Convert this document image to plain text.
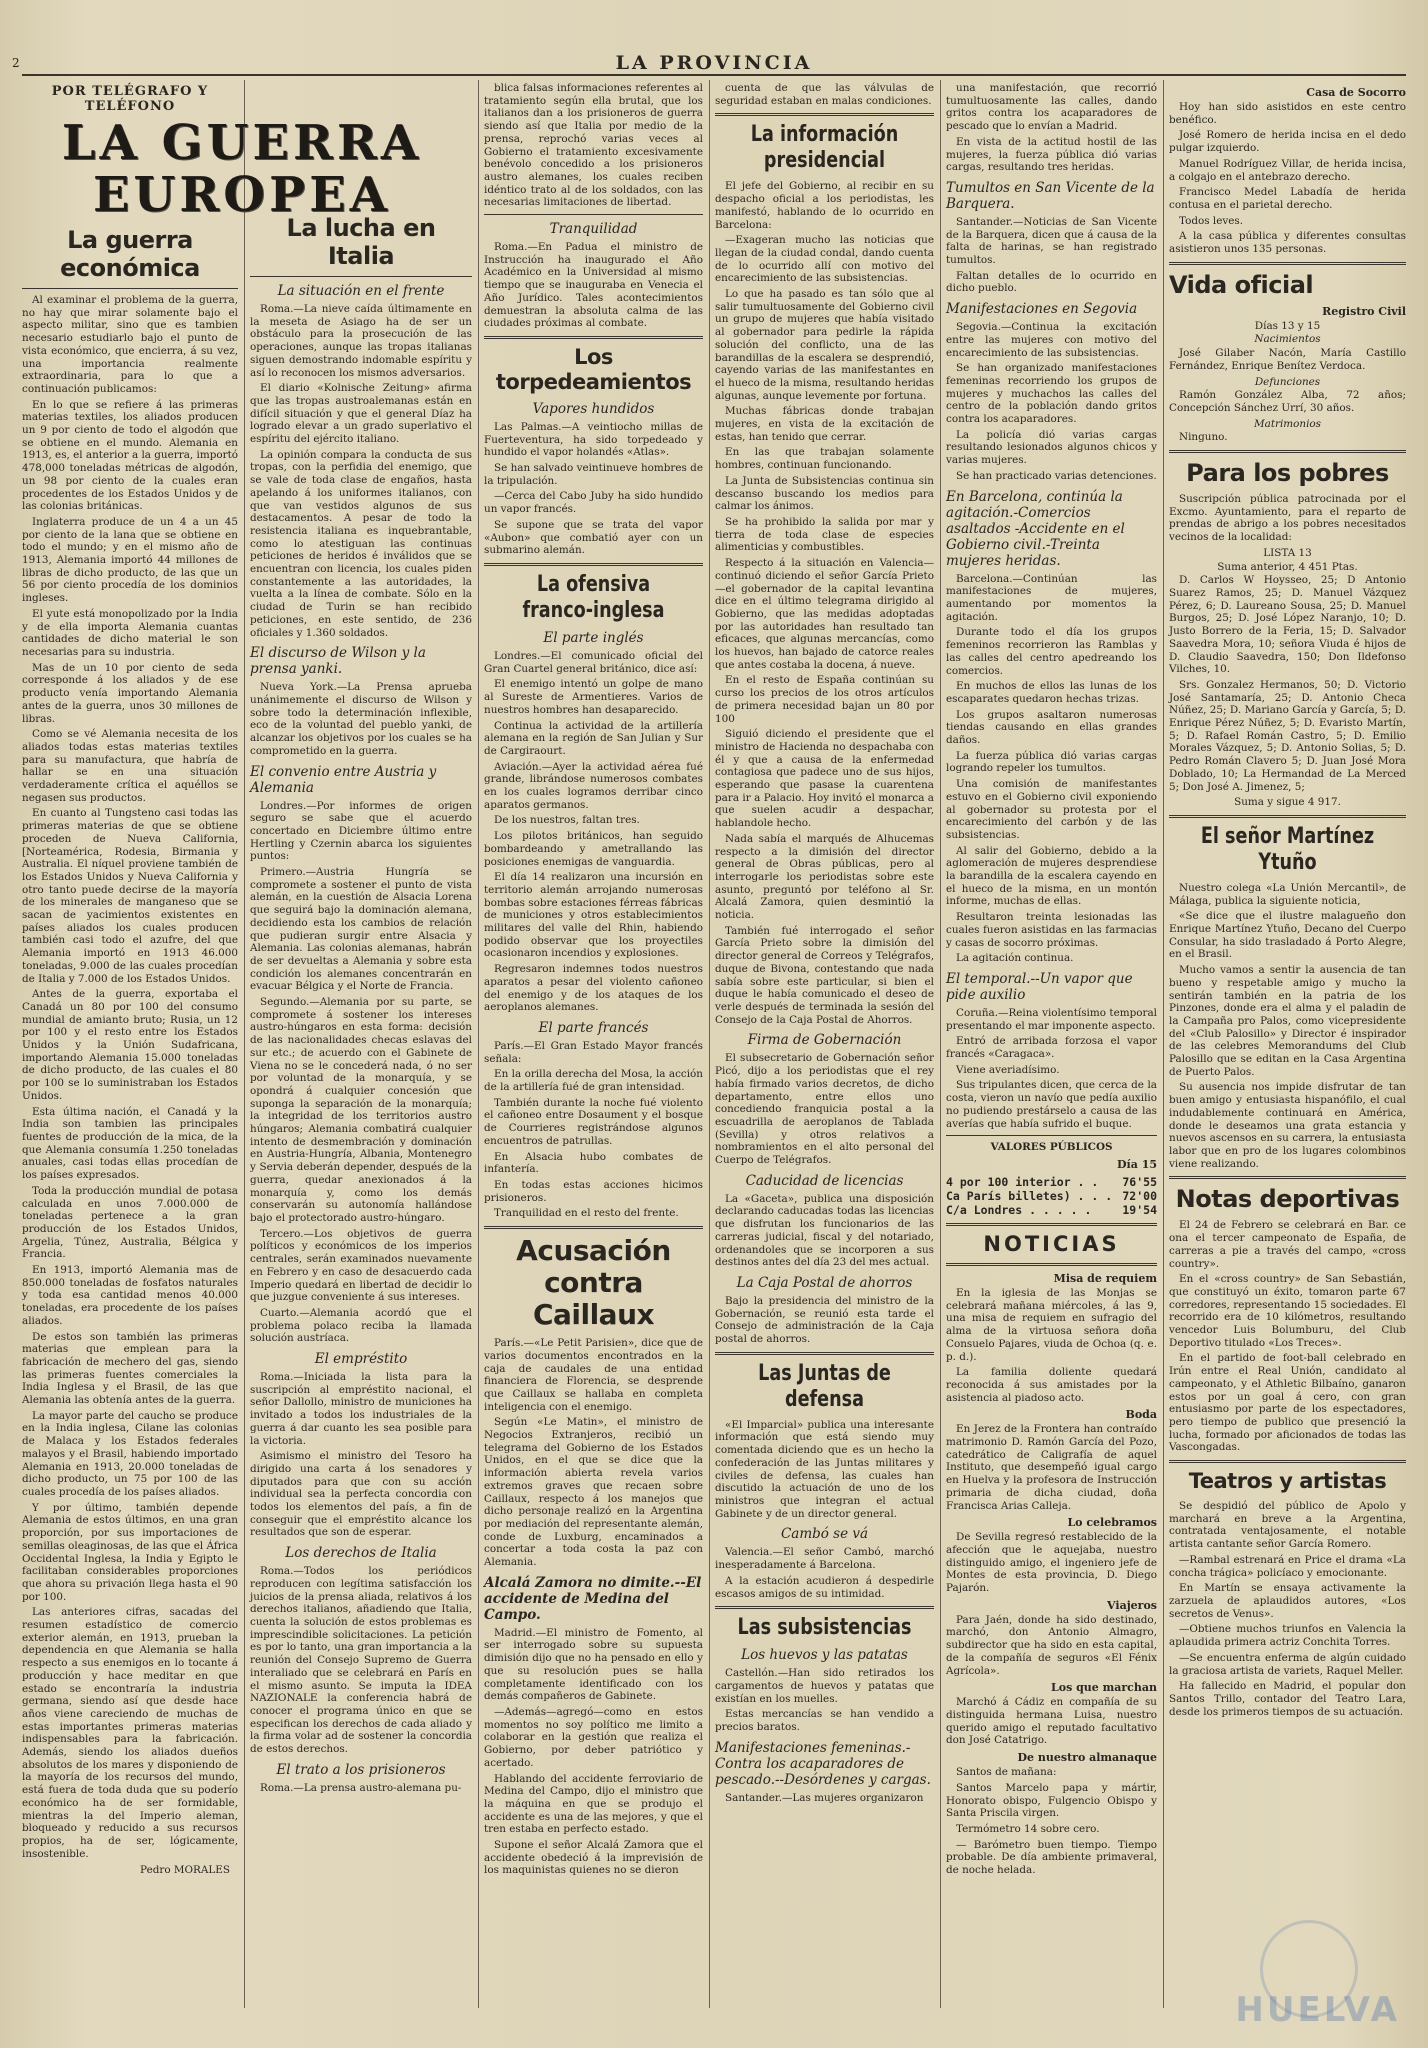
2	LA PROVINCIA
POR TELÉGRAFO Y TELÉFONO
LA GUERRA
EUROPEA
La guerra económica

Al examinar el problema de la guerra, no hay que mirar solamente bajo el aspecto militar, sino que es tambien necesario estudiarlo bajo el punto de vista económico, que encierra, á su vez, una importancia realmente extraordinaria, para lo que a continuación publicamos:

En lo que se refiere á las primeras materias textiles, los aliados producen un 9 por ciento de todo el algodón que se obtiene en el mundo. Alemania en 1913, es, el anterior a la guerra, importó 478,000 toneladas métricas de algodón, un 98 por ciento de la cuales eran procedentes de los Estados Unidos y de las colonias británicas.

Inglaterra produce de un 4 a un 45 por ciento de la lana que se obtiene en todo el mundo; y en el mismo año de 1913, Alemania importó 44 millones de libras de dicho producto, de las que un 56 por ciento procedía de los dominios ingleses.

El yute está monopolizado por la India y de ella importa Alemania cuantas cantidades de dicho material le son necesarias para su industria.

Mas de un 10 por ciento de seda corresponde á los aliados y de ese producto venía importando Alemania antes de la guerra, unos 30 millones de libras.

Como se vé Alemania necesita de los aliados todas estas materias textiles para su manufactura, que habría de hallar se en una situación verdaderamente crítica el aquéllos se negasen sus productos.

En cuanto al Tungsteno casi todas las primeras materias de que se obtiene proceden de Nueva California, [Norteamérica, Rodesia, Birmania y Australia. El níquel proviene también de los Estados Unidos y Nueva California y otro tanto puede decirse de la mayoría de los minerales de manganeso que se sacan de yacimientos existentes en países aliados los cuales producen también casi todo el azufre, del que Alemania importó en 1913 46.000 toneladas, 9.000 de las cuales procedían de Italia y 7.000 de los Estados Unidos.

Antes de la guerra, exportaba el Canadá un 80 por 100 del consumo mundial de amianto bruto; Rusia, un 12 por 100 y el resto entre los Estados Unidos y la Unión Sudafricana, importando Alemania 15.000 toneladas de dicho producto, de las cuales el 80 por 100 se lo suministraban los Estados Unidos.

Esta última nación, el Canadá y la India son tambien las principales fuentes de producción de la mica, de la que Alemania consumía 1.250 toneladas anuales, casi todas ellas procedían de los países expresados.

Toda la producción mundial de potasa calculada en unos 7.000.000 de toneladas pertenece a la gran producción de los Estados Unidos, Argelia, Túnez, Australia, Bélgica y Francia.

En 1913, importó Alemania mas de 850.000 toneladas de fosfatos naturales y toda esa cantidad menos 40.000 toneladas, era procedente de los países aliados.

De estos son también las primeras materias que emplean para la fabricación de mechero del gas, siendo las primeras fuentes comerciales la India Inglesa y el Brasil, de las que Alemania las obtenía antes de la guerra.

La mayor parte del caucho se produce en la India inglesa, Cilane las colonias de Malaca y los Estados federales malayos y el Brasil, habiendo importado Alemania en 1913, 20.000 toneladas de dicho producto, un 75 por 100 de las cuales procedía de los países aliados.

Y por último, también depende Alemania de estos últimos, en una gran proporción, por sus importaciones de semillas oleaginosas, de las que el África Occidental Inglesa, la India y Egipto le facilitaban considerables proporciones que ahora su privación llega hasta el 90 por 100.

Las anteriores cifras, sacadas del resumen estadístico de comercio exterior alemán, en 1913, prueban la dependencia en que Alemania se halla respecto a sus enemigos en lo tocante á producción y hace meditar en que estado se encontraría la industria germana, siendo así que desde hace años viene careciendo de muchas de estas importantes primeras materias indispensables para la fabricación. Además, siendo los aliados dueños absolutos de los mares y disponiendo de la mayoría de los recursos del mundo, está fuera de toda duda que su poderío económico ha de ser formidable, mientras la del Imperio aleman, bloqueado y reducido a sus recursos propios, ha de ser, lógicamente, insostenible.

Pedro MORALES
La lucha en Italia
La situación en el frente

Roma.—La nieve caída últimamente en la meseta de Asiago ha de ser un obstáculo para la prosecución de las operaciones, aunque las tropas italianas siguen demostrando indomable espíritu y así lo reconocen los mismos adversarios.

El diario «Kolnische Zeitung» afirma que las tropas austroalemanas están en difícil situación y que el general Díaz ha logrado elevar a un grado superlativo el espíritu del ejército italiano.

La opinión compara la conducta de sus tropas, con la perfidia del enemigo, que se vale de toda clase de engaños, hasta apelando á los uniformes italianos, con que van vestidos algunos de sus destacamentos. A pesar de todo la resistencia italiana es inquebrantable, como lo atestiguan las continuas peticiones de heridos é inválidos que se encuentran con licencia, los cuales piden constantemente a las autoridades, la vuelta a la línea de combate. Sólo en la ciudad de Turin se han recibido peticiones, en este sentido, de 236 oficiales y 1.360 soldados.

El discurso de Wilson y la prensa yanki.

Nueva York.—La Prensa aprueba unánimemente el discurso de Wilson y sobre todo la determinación inflexible, eco de la voluntad del pueblo yanki, de alcanzar los objetivos por los cuales se ha comprometido en la guerra.

El convenio entre Austria y Alemania

Londres.—Por informes de origen seguro se sabe que el acuerdo concertado en Diciembre último entre Hertling y Czernin abarca los siguientes puntos:

Primero.—Austria Hungría se compromete a sostener el punto de vista alemán, en la cuestión de Alsacia Lorena que seguirá bajo la dominación alemana, decidiendo esta los cambios de relación que pudieran surgir entre Alsacia y Alemania. Las colonias alemanas, habrán de ser devueltas a Alemania y sobre esta condición los alemanes concentrarán en evacuar Bélgica y el Norte de Francia.

Segundo.—Alemania por su parte, se compromete á sostener los intereses austro-húngaros en esta forma: decisión de las nacionalidades checas eslavas del sur etc.; de acuerdo con el Gabinete de Viena no se le concederá nada, ó no ser por voluntad de la monarquía, y se opondrá á cualquier concesión que suponga la separación de la monarquía; la integridad de los territorios austro húngaros; Alemania combatirá cualquier intento de desmembración y dominación en Austria-Hungría, Albania, Montenegro y Servia deberán depender, después de la guerra, quedar anexionados á la monarquía y, como los demás conservarán su autonomía hallándose bajo el protectorado austro-húngaro.

Tercero.—Los objetivos de guerra políticos y económicos de los imperios centrales, serán examinados nuevamente en Febrero y en caso de desacuerdo cada Imperio quedará en libertad de decidir lo que juzgue conveniente á sus intereses.

Cuarto.—Alemania acordó que el problema polaco reciba la llamada solución austríaca.

El empréstito

Roma.—Iniciada la lista para la suscripción al empréstito nacional, el señor Dallollo, ministro de municiones ha invitado a todos los industriales de la guerra á dar cuanto les sea posible para la victoria.

Asimismo el ministro del Tesoro ha dirigido una carta á los senadores y diputados para que con su acción individual sea la perfecta concordia con todos los elementos del país, a fin de conseguir que el empréstito alcance los resultados que son de esperar.

Los derechos de Italia

Roma.—Todos los periódicos reproducen con legítima satisfacción los juicios de la prensa aliada, relativos á los derechos italianos, añadiendo que Italia, cuenta la solución de estos problemas es imprescindible solicitaciones. La petición es por lo tanto, una gran importancia a la reunión del Consejo Supremo de Guerra interaliado que se celebrará en París en el mismo asunto. Se imputa la IDEA NAZIONALE la conferencia habrá de conocer el programa único en que se especifican los derechos de cada aliado y la firma volar ad de sostener la concordia de estos derechos.

El trato a los prisioneros

Roma.—La prensa austro-alemana pu-

blica falsas informaciones referentes al tratamiento según ella brutal, que los italianos dan a los prisioneros de guerra siendo así que Italia por medio de la prensa, reprochó varias veces al Gobierno el tratamiento excesivamente benévolo concedido a los prisioneros austro alemanes, los cuales reciben idéntico trato al de los soldados, con las necesarias limitaciones de libertad.

Tranquilidad

Roma.—En Padua el ministro de Instrucción ha inaugurado el Año Académico en la Universidad al mismo tiempo que se inauguraba en Venecia el Año Jurídico. Tales acontecimientos demuestran la absoluta calma de las ciudades próximas al combate.

Los torpedeamientos
Vapores hundidos

Las Palmas.—A veintiocho millas de Fuerteventura, ha sido torpedeado y hundido el vapor holandés «Atlas».

Se han salvado veintinueve hombres de la tripulación.

—Cerca del Cabo Juby ha sido hundido un vapor francés.

Se supone que se trata del vapor «Aubon» que combatió ayer con un submarino alemán.

La ofensiva franco-inglesa
El parte inglés

Londres.—El comunicado oficial del Gran Cuartel general británico, dice así:

El enemigo intentó un golpe de mano al Sureste de Armentieres. Varios de nuestros hombres han desaparecido.

Continua la actividad de la artillería alemana en la región de San Julian y Sur de Cargiraourt.

Aviación.—Ayer la actividad aérea fué grande, librándose numerosos combates en los cuales logramos derribar cinco aparatos germanos.

De los nuestros, faltan tres.

Los pilotos británicos, han seguido bombardeando y ametrallando las posiciones enemigas de vanguardia.

El día 14 realizaron una incursión en territorio alemán arrojando numerosas bombas sobre estaciones férreas fábricas de municiones y otros establecimientos militares del valle del Rhin, habiendo podido observar que los proyectiles ocasionaron incendios y explosiones.

Regresaron indemnes todos nuestros aparatos a pesar del violento cañoneo del enemigo y de los ataques de los aeroplanos alemanes.

El parte francés

París.—El Gran Estado Mayor francés señala:

En la orilla derecha del Mosa, la acción de la artillería fué de gran intensidad.

También durante la noche fué violento el cañoneo entre Dosaument y el bosque de Courrieres registrándose algunos encuentros de patrullas.

En Alsacia hubo combates de infantería.

En todas estas acciones hicimos prisioneros.

Tranquilidad en el resto del frente.

Acusación
contra Caillaux

París.—«Le Petit Parisien», dice que de varios documentos encontrados en la caja de caudales de una entidad financiera de Florencia, se desprende que Caillaux se hallaba en completa inteligencia con el enemigo.

Según «Le Matin», el ministro de Negocios Extranjeros, recibió un telegrama del Gobierno de los Estados Unidos, en el que se dice que la información abierta revela varios extremos graves que recaen sobre Caillaux, respecto á los manejos que dicho personaje realizó en la Argentina por mediación del representante alemán, conde de Luxburg, encaminados a concertar a toda costa la paz con Alemania.

Alcalá Zamora no dimite.--El accidente de Medina del Campo.

Madrid.—El ministro de Fomento, al ser interrogado sobre su supuesta dimisión dijo que no ha pensado en ello y que su resolución pues se halla completamente identificado con los demás compañeros de Gabinete.

—Además—agregó—como en estos momentos no soy político me limito a colaborar en la gestión que realiza el Gobierno, por deber patriótico y acertado.

Hablando del accidente ferroviario de Medina del Campo, dijo el ministro que la máquina en que se produjo el accidente es una de las mejores, y que el tren estaba en perfecto estado.

Supone el señor Alcalá Zamora que el accidente obedeció á la imprevisión de los maquinistas quienes no se dieron

cuenta de que las válvulas de seguridad estaban en malas condiciones.

La información presidencial

El jefe del Gobierno, al recibir en su despacho oficial a los periodistas, les manifestó, hablando de lo ocurrido en Barcelona:

—Exageran mucho las noticias que llegan de la ciudad condal, dando cuenta de lo ocurrido allí con motivo del encarecimiento de las subsistencias.

Lo que ha pasado es tan sólo que al salir tumultuosamente del Gobierno civil un grupo de mujeres que había visitado al gobernador para pedirle la rápida solución del conflicto, una de las barandillas de la escalera se desprendió, cayendo varias de las manifestantes en el hueco de la misma, resultando heridas algunas, aunque levemente por fortuna.

Muchas fábricas donde trabajan mujeres, en vista de la excitación de estas, han tenido que cerrar.

En las que trabajan solamente hombres, continuan funcionando.

La Junta de Subsistencias continua sin descanso buscando los medios para calmar los ánimos.

Se ha prohibido la salida por mar y tierra de toda clase de especies alimenticias y combustibles.

Respecto á la situación en Valencia—continuó diciendo el señor García Prieto—el gobernador de la capital levantina dice en el último telegrama dirigido al Gobierno, que las medidas adoptadas por las autoridades han resultado tan eficaces, que algunas mercancías, como los huevos, han bajado de catorce reales que antes costaba la docena, á nueve.

En el resto de España continúan su curso los precios de los otros artículos de primera necesidad bajan un 80 por 100

Siguió diciendo el presidente que el ministro de Hacienda no despachaba con él y que a causa de la enfermedad contagiosa que padece uno de sus hijos, esperando que pasase la cuarentena para ir a Palacio. Hoy invitó el monarca a que suelen acudir a despachar, hablandole hecho.

Nada sabía el marqués de Alhucemas respecto a la dimisión del director general de Obras públicas, pero al interrogarle los periodistas sobre este asunto, preguntó por teléfono al Sr. Alcalá Zamora, quien desmintió la noticia.

También fué interrogado el señor García Prieto sobre la dimisión del director general de Correos y Telégrafos, duque de Bivona, contestando que nada sabía sobre este particular, si bien el duque le había comunicado el deseo de verle después de terminada la sesión del Consejo de la Caja Postal de Ahorros.

Firma de Gobernación

El subsecretario de Gobernación señor Picó, dijo a los periodistas que el rey había firmado varios decretos, de dicho departamento, entre ellos uno concediendo franquicia postal a la escuadrilla de aeroplanos de Tablada (Sevilla) y otros relativos a nombramientos en el alto personal del Cuerpo de Telégrafos.

Caducidad de licencias

La «Gaceta», publica una disposición declarando caducadas todas las licencias que disfrutan los funcionarios de las carreras judicial, fiscal y del notariado, ordenandoles que se incorporen a sus destinos antes del día 23 del mes actual.

La Caja Postal de ahorros

Bajo la presidencia del ministro de la Gobernación, se reunió esta tarde el Consejo de administración de la Caja postal de ahorros.

Las Juntas de defensa

«El Imparcial» publica una interesante información que está siendo muy comentada diciendo que es un hecho la confederación de las Juntas militares y civiles de defensa, las cuales han discutido la actuación de uno de los ministros que integran el actual Gabinete y de un director general.

Cambó se vá

Valencia.—El señor Cambó, marchó inesperadamente á Barcelona.

A la estación acudieron á despedirle escasos amigos de su intimidad.

Las subsistencias
Los huevos y las patatas

Castellón.—Han sido retirados los cargamentos de huevos y patatas que existían en los muelles.

Estas mercancías se han vendido a precios baratos.

Manifestaciones femeninas.-Contra los acaparadores de pescado.--Desórdenes y cargas.

Santander.—Las mujeres organizaron

una manifestación, que recorrió tumultuosamente las calles, dando gritos contra los acaparadores de pescado que lo envían a Madrid.

En vista de la actitud hostil de las mujeres, la fuerza pública dió varias cargas, resultando tres heridas.

Tumultos en San Vicente de la Barquera.

Santander.—Noticias de San Vicente de la Barquera, dicen que á causa de la falta de harinas, se han registrado tumultos.

Faltan detalles de lo ocurrido en dicho pueblo.

Manifestaciones en Segovia

Segovia.—Continua la excitación entre las mujeres con motivo del encarecimiento de las subsistencias.

Se han organizado manifestaciones femeninas recorriendo los grupos de mujeres y muchachos las calles del centro de la población dando gritos contra los acaparadores.

La policía dió varias cargas resultando lesionados algunos chicos y varias mujeres.

Se han practicado varias detenciones.

En Barcelona, continúa la agitación.-Comercios asaltados -Accidente en el Gobierno civil.-Treinta mujeres heridas.

Barcelona.—Continúan las manifestaciones de mujeres, aumentando por momentos la agitación.

Durante todo el día los grupos femeninos recorrieron las Ramblas y las calles del centro apedreando los comercios.

En muchos de ellos las lunas de los escaparates quedaron hechas trizas.

Los grupos asaltaron numerosas tiendas causando en ellas grandes daños.

La fuerza pública dió varias cargas logrando repeler los tumultos.

Una comisión de manifestantes estuvo en el Gobierno civil exponiendo al gobernador su protesta por el encarecimiento del carbón y de las subsistencias.

Al salir del Gobierno, debido a la aglomeración de mujeres desprendiese la barandilla de la escalera cayendo en el hueco de la misma, en un montón informe, muchas de ellas.

Resultaron treinta lesionadas las cuales fueron asistidas en las farmacias y casas de socorro próximas.

La agitación continua.

El temporal.--Un vapor que pide auxilio

Coruña.—Reina violentísimo temporal presentando el mar imponente aspecto.

Entró de arribada forzosa el vapor francés «Caragaca».

Viene averiadísimo.

Sus tripulantes dicen, que cerca de la costa, vieron un navío que pedía auxilio no pudiendo prestárselo a causa de las averías que había sufrido el buque.

VALORES PÚBLICOS
Día 15
4 por 100 interior . . 76'55
Ca París billetes) . . . 72'00
C/a Londres . . . . .	19'54
NOTICIAS
Misa de requiem

En la iglesia de las Monjas se celebrará mañana miércoles, á las 9, una misa de requiem en sufragio del alma de la virtuosa señora doña Consuelo Pajares, viuda de Ochoa (q. e. p. d.).

La familia doliente quedará reconocida á sus amistades por la asistencia al piadoso acto.

Boda

En Jerez de la Frontera han contraído matrimonio D. Ramón García del Pozo, catedrático de Caligrafía de aquel Instituto, que desempeñó igual cargo en Huelva y la profesora de Instrucción primaria de dicha ciudad, doña Francisca Arias Calleja.

Lo celebramos

De Sevilla regresó restablecido de la afección que le aquejaba, nuestro distinguido amigo, el ingeniero jefe de Montes de esta provincia, D. Diego Pajarón.

Viajeros

Para Jaén, donde ha sido destinado, marchó, don Antonio Almagro, subdirector que ha sido en esta capital, de la compañía de seguros «El Fénix Agrícola».

Los que marchan

Marchó á Cádiz en compañía de su distinguida hermana Luisa, nuestro querido amigo el reputado facultativo don José Catatrigo.

De nuestro almanaque

Santos de mañana:

Santos Marcelo papa y mártir, Honorato obispo, Fulgencio Obispo y Santa Priscila virgen.

Termómetro 14 sobre cero.

— Barómetro buen tiempo. Tiempo probable. De día ambiente primaveral, de noche helada.

Casa de Socorro

Hoy han sido asistidos en este centro benéfico.

José Romero de herida incisa en el dedo pulgar izquierdo.

Manuel Rodríguez Villar, de herida incisa, a colgajo en el antebrazo derecho.

Francisco Medel Labadía de herida contusa en el parietal derecho.

Todos leves.

A la casa pública y diferentes consultas asistieron unos 135 personas.

Vida oficial
Registro Civil
Días 13 y 15
Nacimientos

José Gilaber Nacón, María Castillo Fernández, Enrique Benítez Verdoca.

Defunciones

Ramón González Alba, 72 años; Concepción Sánchez Urrí, 30 años.

Matrimonios

Ninguno.

Para los pobres

Suscripción pública patrocinada por el Excmo. Ayuntamiento, para el reparto de prendas de abrigo a los pobres necesitados vecinos de la localidad:

LISTA 13
Suma anterior, 4 451 Ptas.

D. Carlos W Hoysseo, 25; D Antonio Suarez Ramos, 25; D. Manuel Vázquez Pérez, 6; D. Laureano Sousa, 25; D. Manuel Burgos, 25; D. José López Naranjo, 10; D. Justo Borrero de la Feria, 15; D. Salvador Saavedra Mora, 10; señora Viuda é hijos de D. Claudio Saavedra, 150; Don Ildefonso Vilches, 10.

Srs. Gonzalez Hermanos, 50; D. Victorio José Santamaría, 25; D. Antonio Checa Núñez, 25; D. Mariano García y García, 5; D. Enrique Pérez Núñez, 5; D. Evaristo Martín, 5; D. Rafael Román Castro, 5; D. Emilio Morales Vázquez, 5; D. Antonio Solias, 5; D. Pedro Román Clavero 5; D. Juan José Mora Doblado, 10; La Hermandad de La Merced 5; Don José A. Jimenez, 5;

Suma y sigue 4 917.
El señor Martínez Ytuño

Nuestro colega «La Unión Mercantil», de Málaga, publica la siguiente noticia,

«Se dice que el ilustre malagueño don Enrique Martínez Ytuño, Decano del Cuerpo Consular, ha sido trasladado á Porto Alegre, en el Brasil.

Mucho vamos a sentir la ausencia de tan bueno y respetable amigo y mucho la sentirán también en la patria de los Pinzones, donde era el alma y el paladin de la Campaña pro Palos, como vicepresidente del «Club Palosillo» y Director é inspirador de las celebres Memorandums del Club Palosillo que se editan en la Casa Argentina de Puerto Palos.

Su ausencia nos impide disfrutar de tan buen amigo y entusiasta hispanófilo, el cual indudablemente continuará en América, donde le deseamos una grata estancia y nuevos ascensos en su carrera, la entusiasta labor que en pro de los lugares colombinos viene realizando.

Notas deportivas

El 24 de Febrero se celebrará en Bar. ce ona el tercer campeonato de España, de carreras a pie a través del campo, «cross country».

En el «cross country» de San Sebastián, que constituyó un éxito, tomaron parte 67 corredores, representando 15 sociedades. El recorrido era de 10 kilómetros, resultando vencedor Luis Bolumburu, del Club Deportivo titulado «Los Treces».

En el partido de foot-ball celebrado en Irún entre el Real Unión, candidato al campeonato, y el Athletic Bilbaíno, ganaron estos por un goal á cero, con gran entusiasmo por parte de los espectadores, pero tiempo de publico que presenció la lucha, formado por aficionados de todas las Vascongadas.

Teatros y artistas

Se despidió del público de Apolo y marchará en breve a la Argentina, contratada ventajosamente, el notable artista cantante señor García Romero.

—Rambal estrenará en Price el drama «La concha trágica» policíaco y emocionante.

En Martín se ensaya activamente la zarzuela de aplaudidos autores, «Los secretos de Venus».

—Obtiene muchos triunfos en Valencia la aplaudida primera actriz Conchita Torres.

—Se encuentra enferma de algún cuidado la graciosa artista de variets, Raquel Meller.

Ha fallecido en Madrid, el popular don Santos Trillo, contador del Teatro Lara, desde los primeros tiempos de su actuación.

HUELVA
